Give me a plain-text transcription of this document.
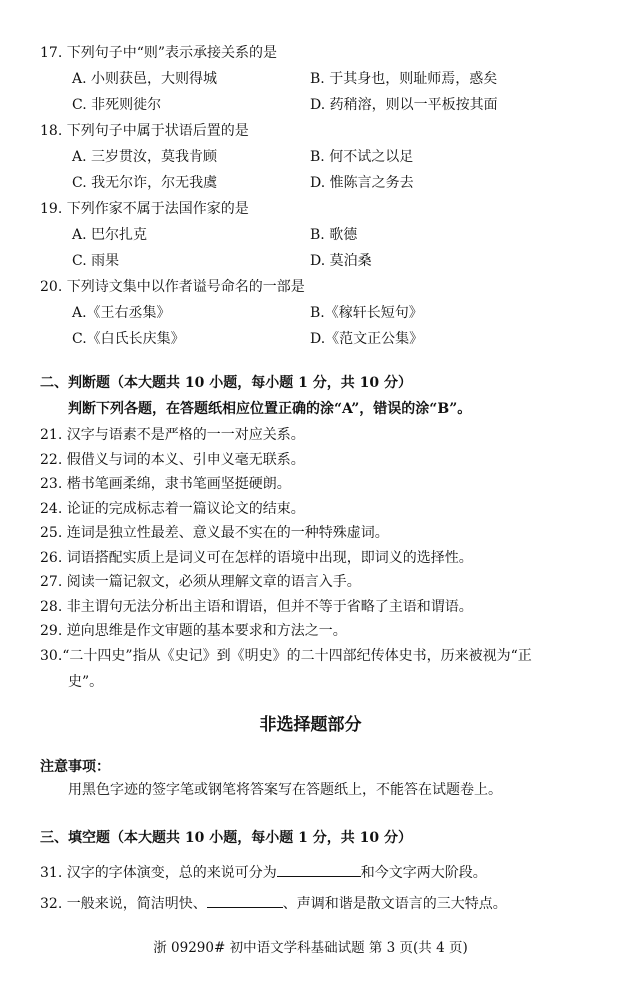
17. 下列句子中“则”表示承接关系的是
A. 小则获邑，大则得城	B. 于其身也，则耻师焉，惑矣
C. 非死则徙尔	D. 药稍溶，则以一平板按其面
18. 下列句子中属于状语后置的是
A. 三岁贯汝，莫我肯顾	B. 何不试之以足
C. 我无尔诈，尔无我虞	D. 惟陈言之务去
19. 下列作家不属于法国作家的是
A. 巴尔扎克	B. 歌德
C. 雨果	D. 莫泊桑
20. 下列诗文集中以作者谥号命名的一部是
A.《王右丞集》	B.《稼轩长短句》
C.《白氏长庆集》	D.《范文正公集》
二、判断题（本大题共 10 小题，每小题 1 分，共 10 分）
判断下列各题，在答题纸相应位置正确的涂“A”，错误的涂“B”。
21. 汉字与语素不是严格的一一对应关系。
22. 假借义与词的本义、引申义毫无联系。
23. 楷书笔画柔绵，隶书笔画坚挺硬朗。
24. 论证的完成标志着一篇议论文的结束。
25. 连词是独立性最差、意义最不实在的一种特殊虚词。
26. 词语搭配实质上是词义可在怎样的语境中出现，即词义的选择性。
27. 阅读一篇记叙文，必须从理解文章的语言入手。
28. 非主谓句无法分析出主语和谓语，但并不等于省略了主语和谓语。
29. 逆向思维是作文审题的基本要求和方法之一。
30.“二十四史”指从《史记》到《明史》的二十四部纪传体史书，历来被视为“正
史”。
非选择题部分
注意事项：
用黑色字迹的签字笔或钢笔将答案写在答题纸上，不能答在试题卷上。
三、填空题（本大题共 10 小题，每小题 1 分，共 10 分）
31. 汉字的字体演变，总的来说可分为	和今文字两大阶段。
32. 一般来说，简洁明快、	、声调和谐是散文语言的三大特点。
浙 09290# 初中语文学科基础试题 第 3 页(共 4 页)
